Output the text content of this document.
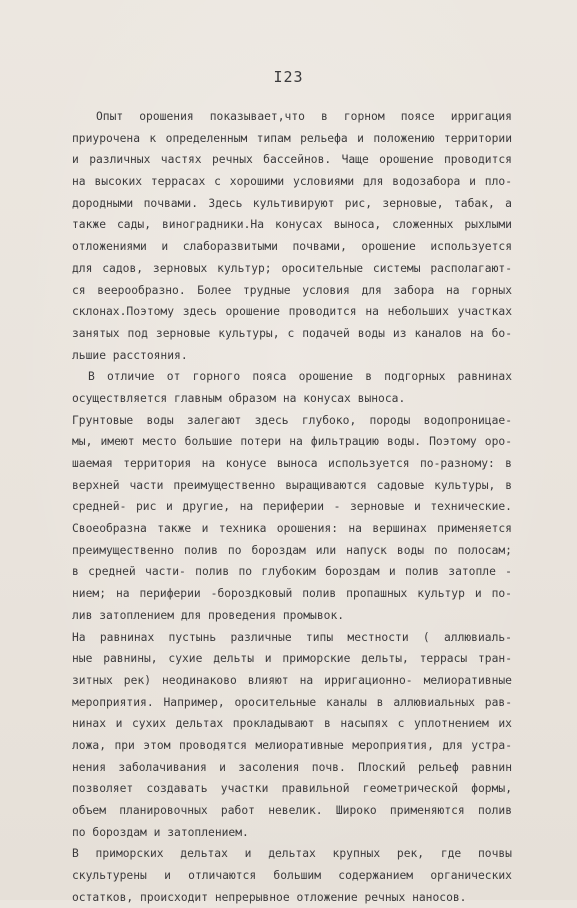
I23
Опыт орошения показывает,что в горном поясе ирригация
приурочена к определенным типам рельефа и положению территории
и различных частях речных бассейнов. Чаще орошение проводится
на высоких террасах с хорошими условиями для водозабора и пло-
дородными почвами. Здесь культивируют рис, зерновые, табак, а
также сады, виноградники.На конусах выноса, сложенных рыхлыми
отложениями и слаборазвитыми почвами, орошение используется
для садов, зерновых культур; оросительные системы располагают-
ся веерообразно. Более трудные условия для забора на горных
склонах.Поэтому здесь орошение проводится на небольших участках
занятых под зерновые культуры, с подачей воды из каналов на бо-
льшие расстояния.
В отличие от горного пояса орошение в подгорных равнинах
осуществляется главным образом на конусах выноса.
Грунтовые воды залегают здесь глубоко, породы водопроницае-
мы, имеют место большие потери на фильтрацию воды. Поэтому оро-
шаемая территория на конусе выноса используется по-разному: в
верхней части преимущественно выращиваются садовые культуры, в
средней- рис и другие, на периферии - зерновые и технические.
Своеобразна также и техника орошения: на вершинах применяется
преимущественно полив по бороздам или напуск воды по полосам;
в средней части- полив по глубоким бороздам и полив затопле -
нием; на периферии -бороздковый полив пропашных культур и по-
лив затоплением для проведения промывок.
На равнинах пустынь различные типы местности ( аллювиаль-
ные равнины, сухие дельты и приморские дельты, террасы тран-
зитных рек) неодинаково влияют на ирригационно- мелиоративные
мероприятия. Например, оросительные каналы в аллювиальных рав-
нинах и сухих дельтах прокладывают в насыпях с уплотнением их
ложа, при этом проводятся мелиоративные мероприятия, для устра-
нения заболачивания и засоления почв. Плоский рельеф равнин
позволяет создавать участки правильной геометрической формы,
объем планировочных работ невелик. Широко применяются полив
по бороздам и затоплением.
В приморских дельтах и дельтах крупных рек, где почвы
скультурены и отличаются большим содержанием органических
остатков, происходит непрерывное отложение речных наносов.
